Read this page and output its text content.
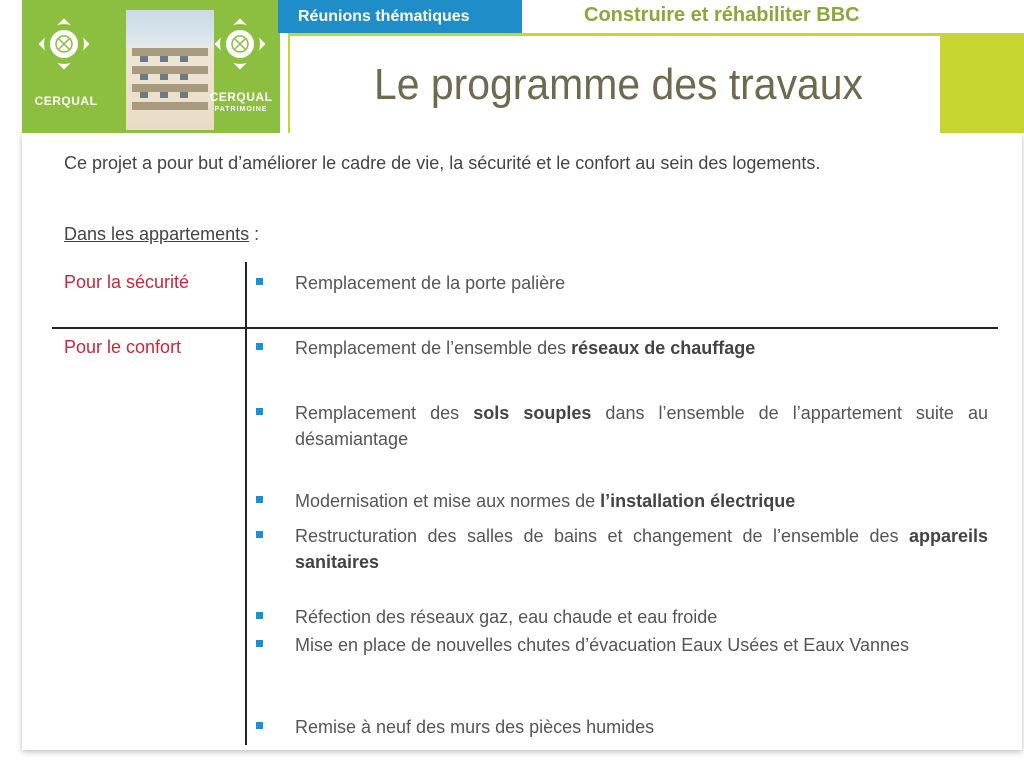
CERQUAL	CERQUAL
PATRIMOINE
Réunions thématiques	Construire et réhabiliter BBC
Le programme des travaux
Ce projet a pour but d’améliorer le cadre de vie, la sécurité et le confort au sein des logements.
Dans les appartements :
Pour la sécurité
Pour le confort
Remplacement de la porte palière
Remplacement de l’ensemble des réseaux de chauffage
Remplacement des sols souples dans l’ensemble de l’appartement suite au désamiantage
Modernisation et mise aux normes de l’installation électrique
Restructuration des salles de bains et changement de l’ensemble des appareils sanitaires
Réfection des réseaux gaz, eau chaude et eau froide
Mise en place de nouvelles chutes d’évacuation Eaux Usées et Eaux Vannes
Remise à neuf des murs des pièces humides
